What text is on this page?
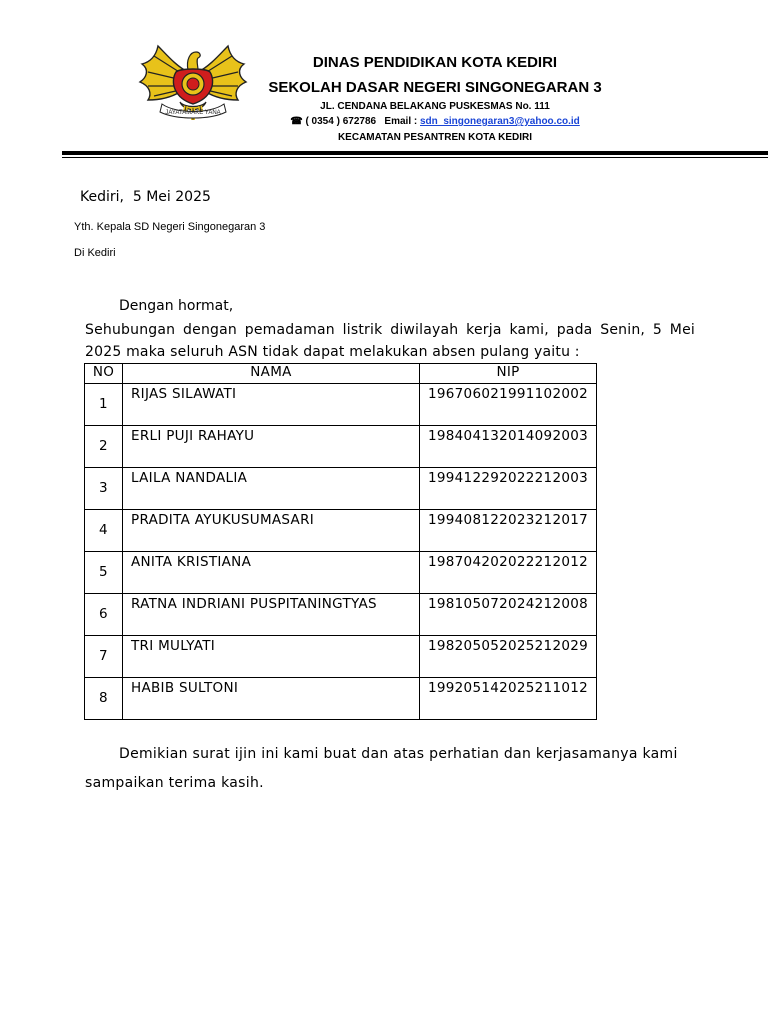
JAYATAMAKE YANA
DINAS PENDIDIKAN KOTA KEDIRI
SEKOLAH DASAR NEGERI SINGONEGARAN 3
JL. CENDANA BELAKANG PUSKESMAS No. 111
☎ ( 0354 ) 672786 Email : sdn_singonegaran3@yahoo.co.id
KECAMATAN PESANTREN KOTA KEDIRI
Kediri,  5 Mei 2025
Yth. Kepala SD Negeri Singonegaran 3
Di Kediri
Dengan hormat,
Sehubungan dengan pemadaman listrik diwilayah kerja kami, pada Senin, 5 Mei 2025 maka seluruh ASN tidak dapat melakukan absen pulang yaitu :
NO	NAMA	NIP
1	RIJAS SILAWATI	196706021991102002
2	ERLI PUJI RAHAYU	198404132014092003
3	LAILA NANDALIA	199412292022212003
4	PRADITA AYUKUSUMASARI	199408122023212017
5	ANITA KRISTIANA	198704202022212012
6	RATNA INDRIANI PUSPITANINGTYAS	198105072024212008
7	TRI MULYATI	198205052025212029
8	HABIB SULTONI	199205142025211012
Demikian surat ijin ini kami buat dan atas perhatian dan kerjasamanya kami sampaikan terima kasih.
